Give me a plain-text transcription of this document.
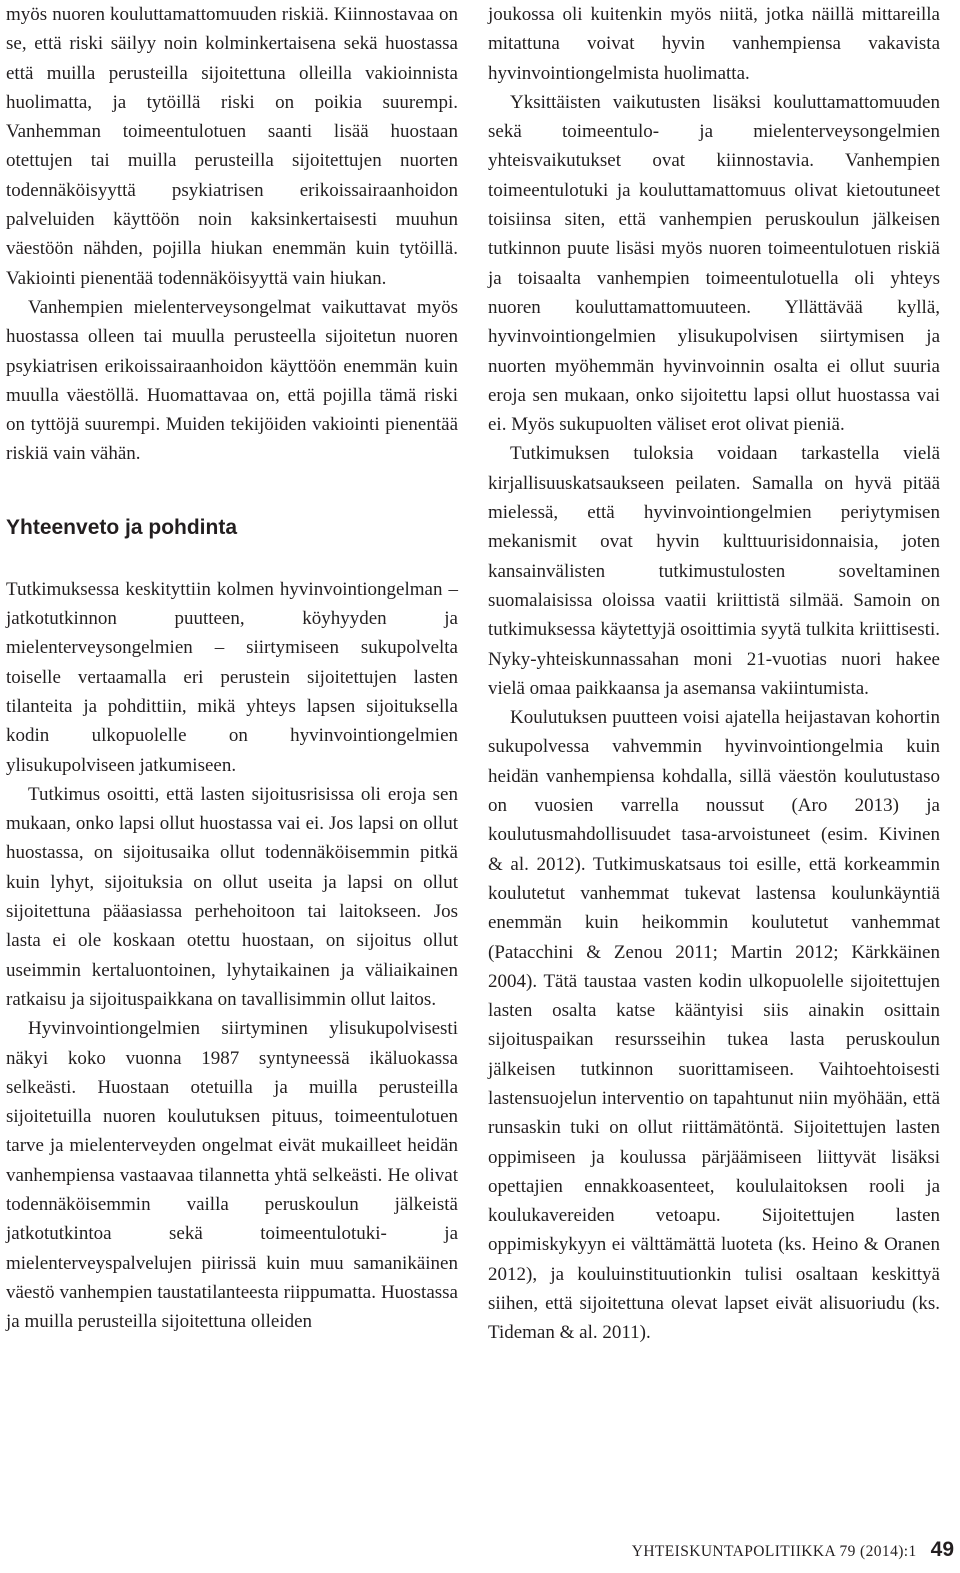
myös nuoren kouluttamattomuuden riskiä. Kiinnostavaa on se, että riski säilyy noin kolminkertaisena sekä huostassa että muilla perusteilla sijoitettuna olleilla vakioinnista huolimatta, ja tytöillä riski on poikia suurempi. Vanhemman toimeentulotuen saanti lisää huostaan otettujen tai muilla perusteilla sijoitettujen nuorten todennäköisyyttä psykiatrisen erikoissairaanhoidon palveluiden käyttöön noin kaksinkertaisesti muuhun väestöön nähden, pojilla hiukan enemmän kuin tytöillä. Vakiointi pienentää todennäköisyyttä vain hiukan.

Vanhempien mielenterveysongelmat vaikuttavat myös huostassa olleen tai muulla perusteella sijoitetun nuoren psykiatrisen erikoissairaanhoidon käyttöön enemmän kuin muulla väestöllä. Huomattavaa on, että pojilla tämä riski on tyttöjä suurempi. Muiden tekijöiden vakiointi pienentää riskiä vain vähän.

Yhteenveto ja pohdinta

Tutkimuksessa keskityttiin kolmen hyvinvointiongelman – jatkotutkinnon puutteen, köyhyyden ja mielenterveysongelmien – siirtymiseen sukupolvelta toiselle vertaamalla eri perustein sijoitettujen lasten tilanteita ja pohdittiin, mikä yhteys lapsen sijoituksella kodin ulkopuolelle on hyvinvointiongelmien ylisukupolviseen jatkumiseen.

Tutkimus osoitti, että lasten sijoitusrisissa oli eroja sen mukaan, onko lapsi ollut huostassa vai ei. Jos lapsi on ollut huostassa, on sijoitusaika ollut todennäköisemmin pitkä kuin lyhyt, sijoituksia on ollut useita ja lapsi on ollut sijoitettuna pääasiassa perhehoitoon tai laitokseen. Jos lasta ei ole koskaan otettu huostaan, on sijoitus ollut useimmin kertaluontoinen, lyhytaikainen ja väliaikainen ratkaisu ja sijoituspaikkana on tavallisimmin ollut laitos.

Hyvinvointiongelmien siirtyminen ylisukupolvisesti näkyi koko vuonna 1987 syntyneessä ikäluokassa selkeästi. Huostaan otetuilla ja muilla perusteilla sijoitetuilla nuoren koulutuksen pituus, toimeentulotuen tarve ja mielenterveyden ongelmat eivät mukailleet heidän vanhempiensa vastaavaa tilannetta yhtä selkeästi. He olivat todennäköisemmin vailla peruskoulun jälkeistä jatkotutkintoa sekä toimeentulotuki- ja mielenterveyspalvelujen piirissä kuin muu samanikäinen väestö vanhempien taustatilanteesta riippumatta. Huostassa ja muilla perusteilla sijoitettuna olleiden

joukossa oli kuitenkin myös niitä, jotka näillä mittareilla mitattuna voivat hyvin vanhempiensa vakavista hyvinvointiongelmista huolimatta.

Yksittäisten vaikutusten lisäksi kouluttamattomuuden sekä toimeentulo- ja mielenterveysongelmien yhteisvaikutukset ovat kiinnostavia. Vanhempien toimeentulotuki ja kouluttamattomuus olivat kietoutuneet toisiinsa siten, että vanhempien peruskoulun jälkeisen tutkinnon puute lisäsi myös nuoren toimeentulotuen riskiä ja toisaalta vanhempien toimeentulotuella oli yhteys nuoren kouluttamattomuuteen. Yllättävää kyllä, hyvinvointiongelmien ylisukupolvisen siirtymisen ja nuorten myöhemmän hyvinvoinnin osalta ei ollut suuria eroja sen mukaan, onko sijoitettu lapsi ollut huostassa vai ei. Myös sukupuolten väliset erot olivat pieniä.

Tutkimuksen tuloksia voidaan tarkastella vielä kirjallisuuskatsaukseen peilaten. Samalla on hyvä pitää mielessä, että hyvinvointiongelmien periytymisen mekanismit ovat hyvin kulttuurisidonnaisia, joten kansainvälisten tutkimustulosten soveltaminen suomalaisissa oloissa vaatii kriittistä silmää. Samoin on tutkimuksessa käytettyjä osoittimia syytä tulkita kriittisesti. Nyky-yhteiskunnassahan moni 21-vuotias nuori hakee vielä omaa paikkaansa ja asemansa vakiintumista.

Koulutuksen puutteen voisi ajatella heijastavan kohortin sukupolvessa vahvemmin hyvinvointiongelmia kuin heidän vanhempiensa kohdalla, sillä väestön koulutustaso on vuosien varrella noussut (Aro 2013) ja koulutusmahdollisuudet tasa-arvoistuneet (esim. Kivinen & al. 2012). Tutkimuskatsaus toi esille, että korkeammin koulutetut vanhemmat tukevat lastensa koulunkäyntiä enemmän kuin heikommin koulutetut vanhemmat (Patacchini & Zenou 2011; Martin 2012; Kärkkäinen 2004). Tätä taustaa vasten kodin ulkopuolelle sijoitettujen lasten osalta katse kääntyisi siis ainakin osittain sijoituspaikan resursseihin tukea lasta peruskoulun jälkeisen tutkinnon suorittamiseen. Vaihtoehtoisesti lastensuojelun interventio on tapahtunut niin myöhään, että runsaskin tuki on ollut riittämätöntä. Sijoitettujen lasten oppimiseen ja koulussa pärjäämiseen liittyvät lisäksi opettajien ennakkoasenteet, koululaitoksen rooli ja koulukavereiden vetoapu. Sijoitettujen lasten oppimiskykyyn ei välttämättä luoteta (ks. Heino & Oranen 2012), ja kouluinstituutionkin tulisi osaltaan keskittyä siihen, että sijoitettuna olevat lapset eivät alisuoriudu (ks. Tideman & al. 2011).

YHTEISKUNTAPOLITIIKKA 79 (2014):1 49
